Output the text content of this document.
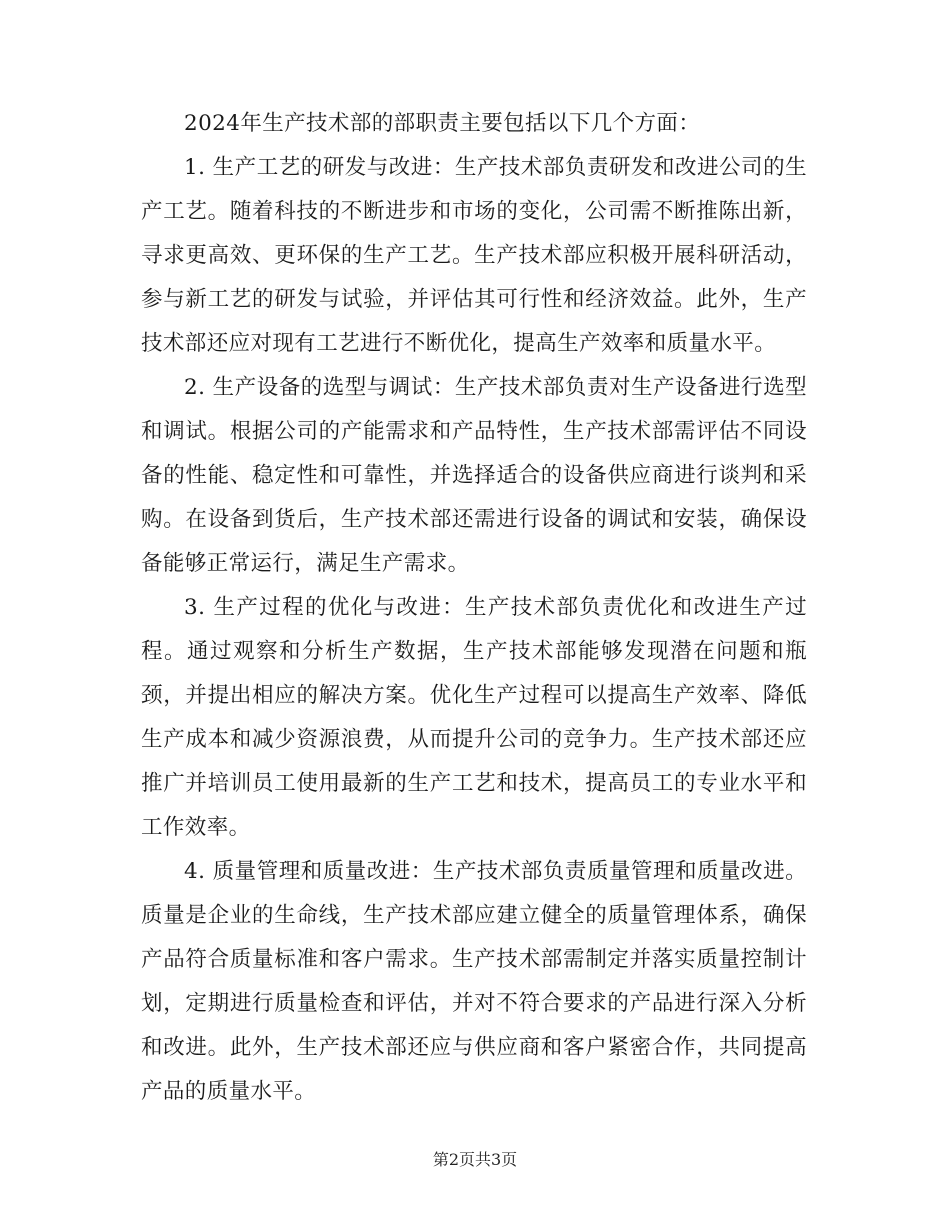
2024年生产技术部的部职责主要包括以下几个方面：

1. 生产工艺的研发与改进：生产技术部负责研发和改进公司的生产工艺。随着科技的不断进步和市场的变化，公司需不断推陈出新，寻求更高效、更环保的生产工艺。生产技术部应积极开展科研活动，参与新工艺的研发与试验，并评估其可行性和经济效益。此外，生产技术部还应对现有工艺进行不断优化，提高生产效率和质量水平。

2. 生产设备的选型与调试：生产技术部负责对生产设备进行选型和调试。根据公司的产能需求和产品特性，生产技术部需评估不同设备的性能、稳定性和可靠性，并选择适合的设备供应商进行谈判和采购。在设备到货后，生产技术部还需进行设备的调试和安装，确保设备能够正常运行，满足生产需求。

3. 生产过程的优化与改进：生产技术部负责优化和改进生产过程。通过观察和分析生产数据，生产技术部能够发现潜在问题和瓶颈，并提出相应的解决方案。优化生产过程可以提高生产效率、降低生产成本和减少资源浪费，从而提升公司的竞争力。生产技术部还应推广并培训员工使用最新的生产工艺和技术，提高员工的专业水平和工作效率。

4. 质量管理和质量改进：生产技术部负责质量管理和质量改进。质量是企业的生命线，生产技术部应建立健全的质量管理体系，确保产品符合质量标准和客户需求。生产技术部需制定并落实质量控制计划，定期进行质量检查和评估，并对不符合要求的产品进行深入分析和改进。此外，生产技术部还应与供应商和客户紧密合作，共同提高产品的质量水平。

第2页共3页
